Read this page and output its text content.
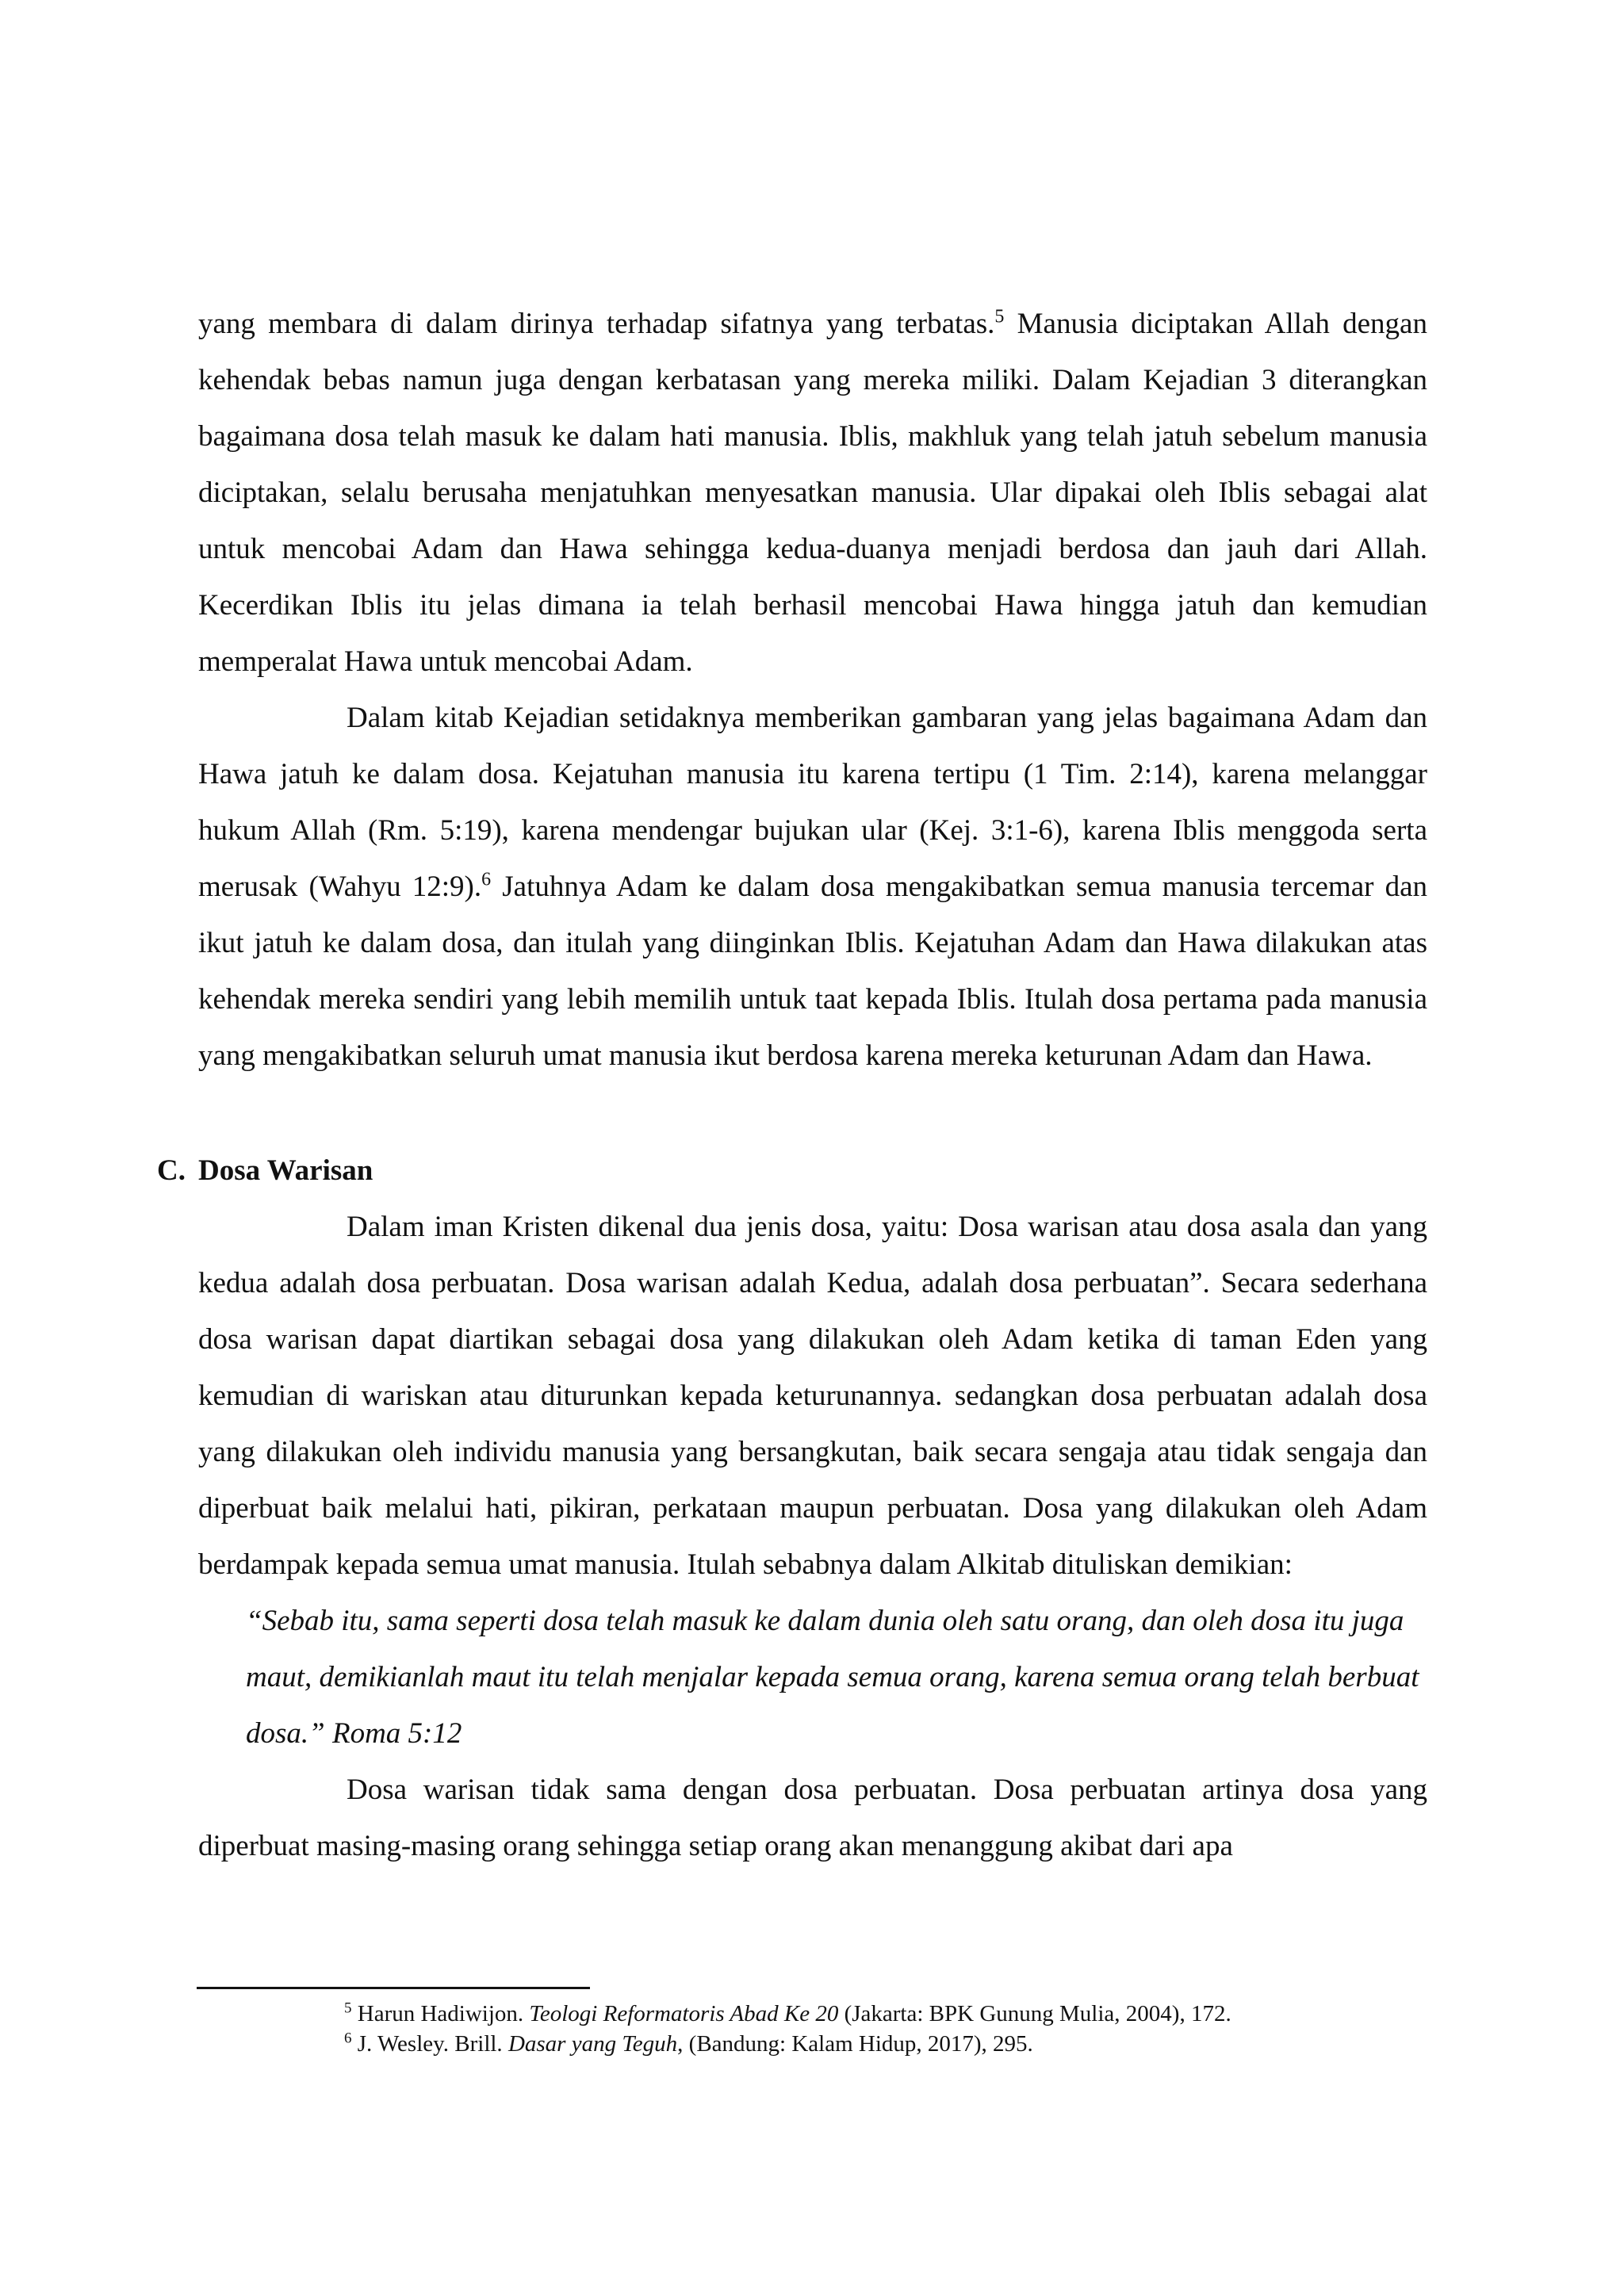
yang membara di dalam dirinya terhadap sifatnya yang terbatas.$^5$ Manusia diciptakan Allah dengan kehendak bebas namun juga dengan kerbatasan yang mereka miliki. Dalam Kejadian 3 diterangkan bagaimana dosa telah masuk ke dalam hati manusia. Iblis, makhluk yang telah jatuh sebelum manusia diciptakan, selalu berusaha menjatuhkan menyesatkan manusia. Ular dipakai oleh Iblis sebagai alat untuk mencobai Adam dan Hawa sehingga kedua-duanya menjadi berdosa dan jauh dari Allah. Kecerdikan Iblis itu jelas dimana ia telah berhasil mencobai Hawa hingga jatuh dan kemudian memperalat Hawa untuk mencobai Adam.

Dalam kitab Kejadian setidaknya memberikan gambaran yang jelas bagaimana Adam dan Hawa jatuh ke dalam dosa. Kejatuhan manusia itu karena tertipu (1 Tim. 2:14), karena melanggar hukum Allah (Rm. 5:19), karena mendengar bujukan ular (Kej. 3:1-6), karena Iblis menggoda serta merusak (Wahyu 12:9).$^6$ Jatuhnya Adam ke dalam dosa mengakibatkan semua manusia tercemar dan ikut jatuh ke dalam dosa, dan itulah yang diinginkan Iblis. Kejatuhan Adam dan Hawa dilakukan atas kehendak mereka sendiri yang lebih memilih untuk taat kepada Iblis. Itulah dosa pertama pada manusia yang mengakibatkan seluruh umat manusia ikut berdosa karena mereka keturunan Adam dan Hawa.

C. Dosa Warisan

Dalam iman Kristen dikenal dua jenis dosa, yaitu: Dosa warisan atau dosa asala dan yang kedua adalah dosa perbuatan. Dosa warisan adalah Kedua, adalah dosa perbuatan”. Secara sederhana dosa warisan dapat diartikan sebagai dosa yang dilakukan oleh Adam ketika di taman Eden yang kemudian di wariskan atau diturunkan kepada keturunannya. sedangkan dosa perbuatan adalah dosa yang dilakukan oleh individu manusia yang bersangkutan, baik secara sengaja atau tidak sengaja dan diperbuat baik melalui hati, pikiran, perkataan maupun perbuatan. Dosa yang dilakukan oleh Adam berdampak kepada semua umat manusia. Itulah sebabnya dalam Alkitab dituliskan demikian:

“Sebab itu, sama seperti dosa telah masuk ke dalam dunia oleh satu orang, dan oleh dosa itu juga maut, demikianlah maut itu telah menjalar kepada semua orang, karena semua orang telah berbuat dosa.” Roma 5:12

Dosa warisan tidak sama dengan dosa perbuatan. Dosa perbuatan artinya dosa yang diperbuat masing-masing orang sehingga setiap orang akan menanggung akibat dari apa

$^5$ Harun Hadiwijon. Teologi Reformatoris Abad Ke 20 (Jakarta: BPK Gunung Mulia, 2004), 172.

$^6$ J. Wesley. Brill. Dasar yang Teguh, (Bandung: Kalam Hidup, 2017), 295.
